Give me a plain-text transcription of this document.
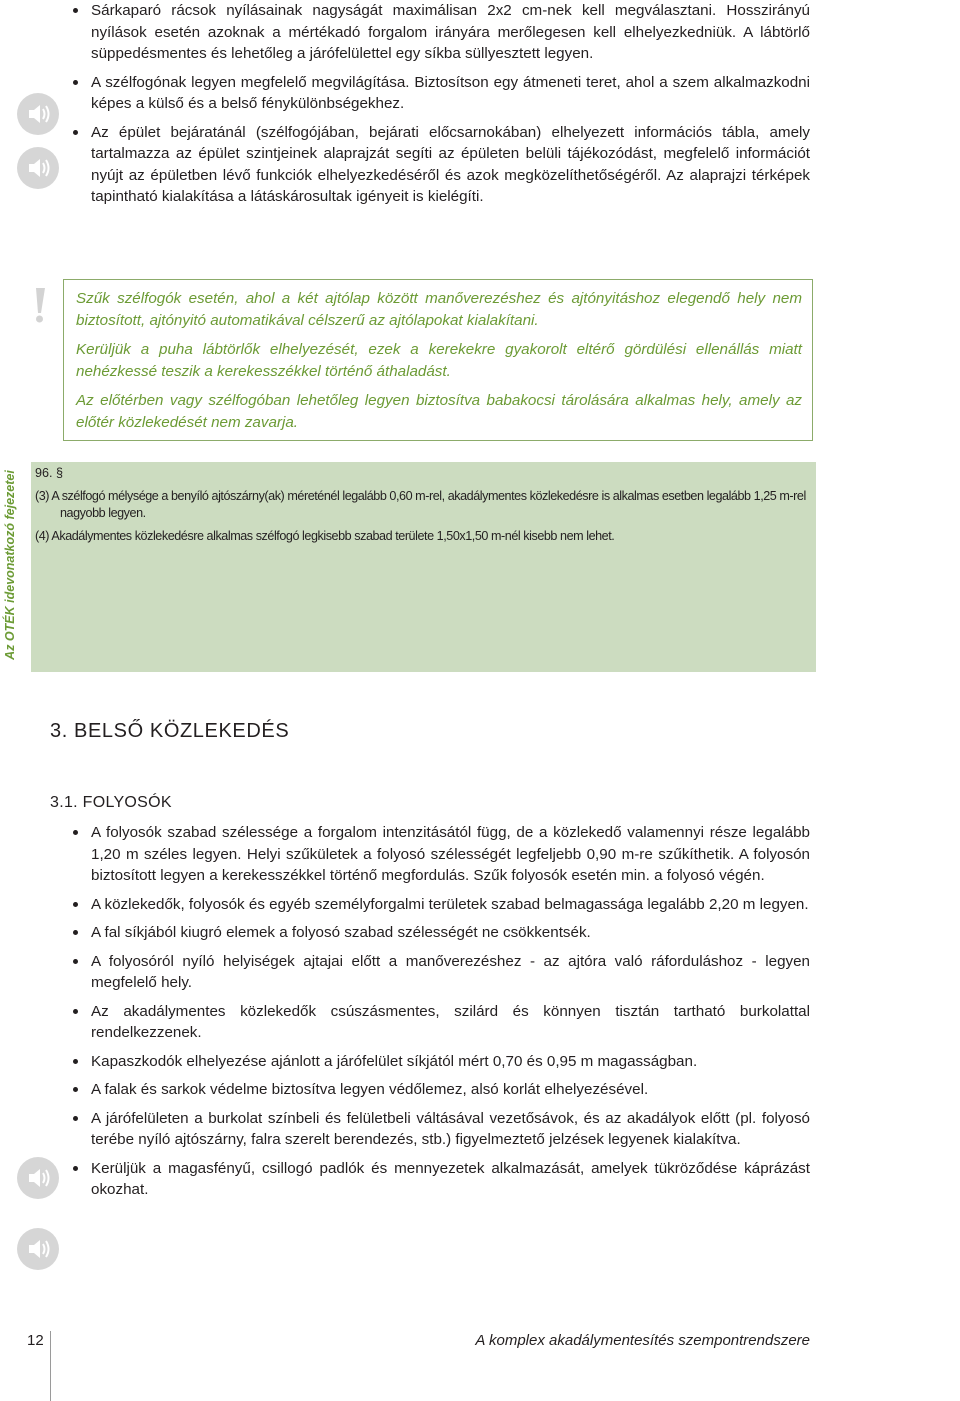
Sárkaparó rácsok nyílásainak nagyságát maximálisan 2x2 cm-nek kell megválasztani. Hosszirányú nyílások esetén azoknak a mértékadó forgalom irányára merőlegesen kell elhelyezkedniük. A lábtörlő süppedésmentes és lehetőleg a járófelülettel egy síkba süllyesztett legyen.
A szélfogónak legyen megfelelő megvilágítása. Biztosítson egy átmeneti teret, ahol a szem alkalmazkodni képes a külső és a belső fénykülönbségekhez.
Az épület bejáratánál (szélfogójában, bejárati előcsarnokában) elhelyezett információs tábla, amely tartalmazza az épület szintjeinek alaprajzát segíti az épületen belüli tájékozódást, megfelelő információt nyújt az épületben lévő funkciók elhelyezkedéséről és azok megközelíthetőségéről. Az alaprajzi térképek tapintható kialakítása a látáskárosultak igényeit is kielégíti.

Szűk szélfogók esetén, ahol a két ajtólap között manőverezéshez és ajtónyitáshoz elegendő hely nem biztosított, ajtónyitó automatikával célszerű az ajtólapokat kialakítani.

Kerüljük a puha lábtörlők elhelyezését, ezek a kerekekre gyakorolt eltérő gördülési ellenállás miatt nehézkessé teszik a kerekesszékkel történő áthaladást.

Az előtérben vagy szélfogóban lehetőleg legyen biztosítva babakocsi tárolására alkalmas hely, amely az előtér közlekedését nem zavarja.

Az OTÉK idevonatkozó fejezetei 96. §
(3) A szélfogó mélysége a benyíló ajtószárny(ak) méreténél legalább 0,60 m-rel, akadálymentes közlekedésre is alkalmas esetben legalább 1,25 m-rel nagyobb legyen.
(4) Akadálymentes közlekedésre alkalmas szélfogó legkisebb szabad területe 1,50x1,50 m-nél kisebb nem lehet.
3. BELSŐ KÖZLEKEDÉS
3.1. FOLYOSÓK
A folyosók szabad szélessége a forgalom intenzitásától függ, de a közlekedő valamennyi része legalább 1,20 m széles legyen. Helyi szűkületek a folyosó szélességét legfeljebb 0,90 m-re szűkíthetik. A folyosón biztosított legyen a kerekesszékkel történő megfordulás. Szűk folyosók esetén min. a folyosó végén.
A közlekedők, folyosók és egyéb személyforgalmi területek szabad belmagassága legalább 2,20 m legyen.
A fal síkjából kiugró elemek a folyosó szabad szélességét ne csökkentsék.
A folyosóról nyíló helyiségek ajtajai előtt a manőverezéshez - az ajtóra való ráforduláshoz - legyen megfelelő hely.
Az akadálymentes közlekedők csúszásmentes, szilárd és könnyen tisztán tartható burkolattal rendelkezzenek.
Kapaszkodók elhelyezése ajánlott a járófelület síkjától mért 0,70 és 0,95 m magasságban.
A falak és sarkok védelme biztosítva legyen védőlemez, alsó korlát elhelyezésével.
A járófelületen a burkolat színbeli és felületbeli váltásával vezetősávok, és az akadályok előtt (pl. folyosó terébe nyíló ajtószárny, falra szerelt berendezés, stb.) figyelmeztető jelzések legyenek kialakítva.
Kerüljük a magasfényű, csillogó padlók és mennyezetek alkalmazását, amelyek tükröződése káprázást okozhat.
12	A komplex akadálymentesítés szempontrendszere
